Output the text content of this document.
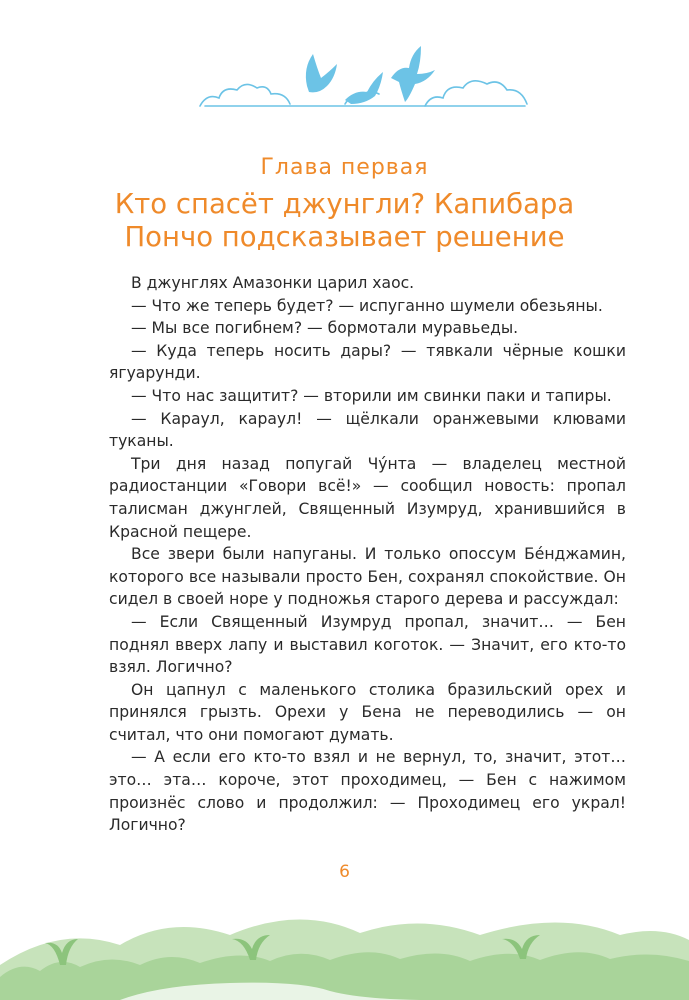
Глава первая
Кто спасёт джунгли? Капибара
Пончо подсказывает решение

В джунглях Амазонки царил хаос.

— Что же теперь будет? — испуганно шумели обезьяны.

— Мы все погибнем? — бормотали муравьеды.

— Куда теперь носить дары? — тявкали чёрные кошки ягуарунди.

— Что нас защитит? — вторили им свинки паки и тапиры.

— Караул, караул! — щёлкали оранжевыми клювами туканы.

Три дня назад попугай Чу́нта — владелец местной радиостанции «Говори всё!» — сообщил новость: пропал талисман джунглей, Священный Изумруд, хранившийся в Красной пещере.

Все звери были напуганы. И только опоссум Бе́нджамин, которого все называли просто Бен, сохранял спокойствие. Он сидел в своей норе у подножья старого дерева и рассуждал:

— Если Священный Изумруд пропал, значит… — Бен поднял вверх лапу и выставил коготок. — Значит, его кто-то взял. Логично?

Он цапнул с маленького столика бразильский орех и принялся грызть. Орехи у Бена не переводились — он считал, что они помогают думать.

— А если его кто-то взял и не вернул, то, значит, этот… это… эта… короче, этот проходимец, — Бен с нажимом произнёс слово и продолжил: — Проходимец его украл! Логично?

6
